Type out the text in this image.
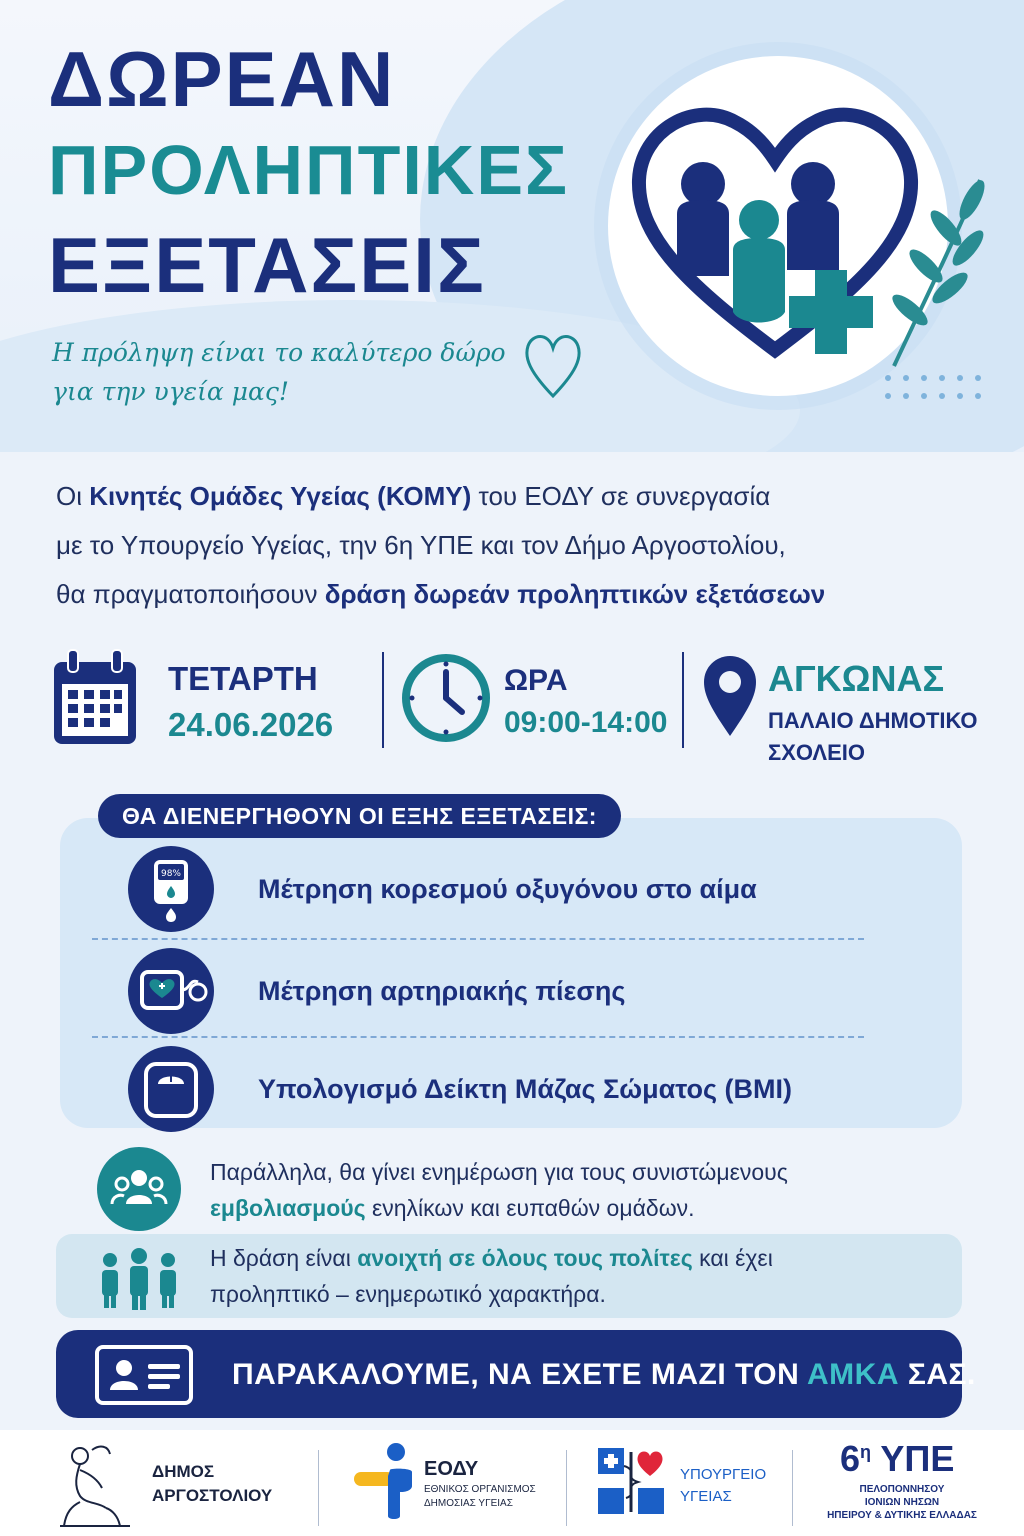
ΔΩΡΕΑΝ
ΠΡΟΛΗΠΤΙΚΕΣ
ΕΞΕΤΑΣΕΙΣ
Η πρόληψη είναι το καλύτερο δώρο
για την υγεία μας!
Οι Κινητές Ομάδες Υγείας (ΚΟΜΥ) του ΕΟΔΥ σε συνεργασία
με το Υπουργείο Υγείας, την 6η ΥΠΕ και τον Δήμο Αργοστολίου,
θα πραγματοποιήσουν δράση δωρεάν προληπτικών εξετάσεων
ΤΕΤΑΡΤΗ
24.06.2026
ΩΡΑ
09:00-14:00
ΑΓΚΩΝΑΣ
ΠΑΛΑΙΟ ΔΗΜΟΤΙΚΟ
ΣΧΟΛΕΙΟ
ΘΑ ΔΙΕΝΕΡΓΗΘΟΥΝ ΟΙ ΕΞΗΣ ΕΞΕΤΑΣΕΙΣ:
98%	Μέτρηση κορεσμού οξυγόνου στο αίμα
Μέτρηση αρτηριακής πίεσης
Υπολογισμό Δείκτη Μάζας Σώματος (BMI)
Παράλληλα, θα γίνει ενημέρωση για τους συνιστώμενους
εμβολιασμούς ενηλίκων και ευπαθών ομάδων.
Η δράση είναι ανοιχτή σε όλους τους πολίτες και έχει
προληπτικό – ενημερωτικό χαρακτήρα.
ΠΑΡΑΚΑΛΟΥΜΕ, ΝΑ ΕΧΕΤΕ ΜΑΖΙ ΤΟΝ ΑΜΚΑ ΣΑΣ.
ΔΗΜΟΣ
ΑΡΓΟΣΤΟΛΙΟΥ
ΕΟΔΥ
ΕΘΝΙΚΟΣ ΟΡΓΑΝΙΣΜΟΣ
ΔΗΜΟΣΙΑΣ ΥΓΕΙΑΣ
ΥΠΟΥΡΓΕΙΟ
ΥΓΕΙΑΣ
$6^\eta$ ΥΠΕ
ΠΕΛΟΠΟΝΝΗΣΟΥ
ΙΟΝΙΩΝ ΝΗΣΩΝ
ΗΠΕΙΡΟΥ & ΔΥΤΙΚΗΣ ΕΛΛΑΔΑΣ
